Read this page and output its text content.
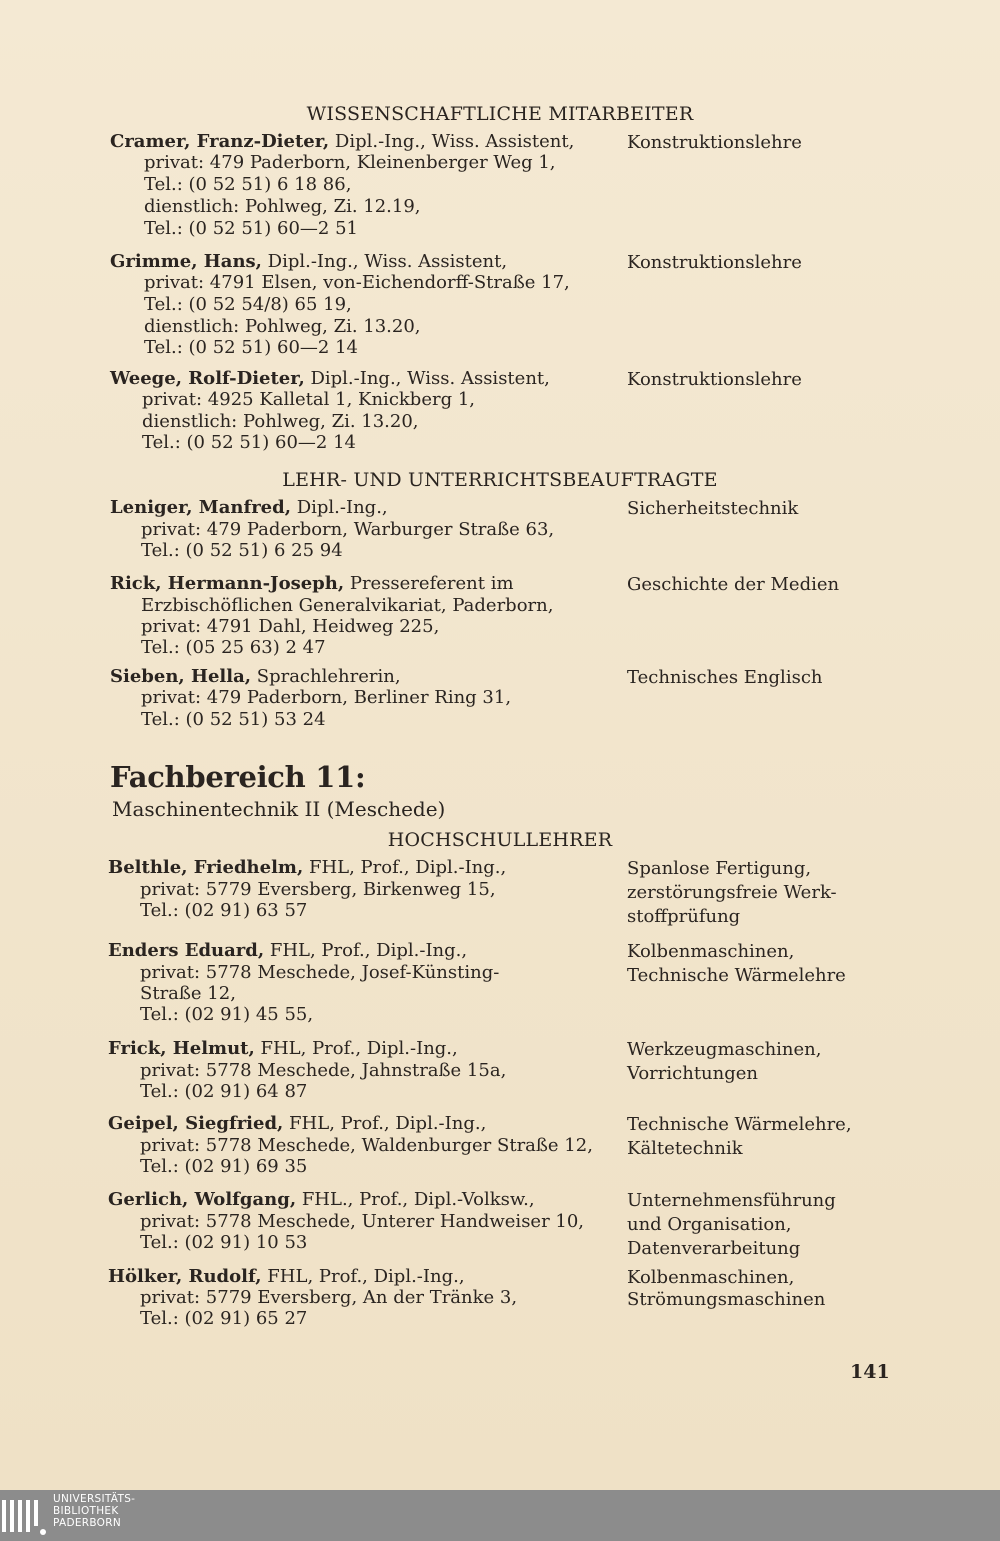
WISSENSCHAFTLICHE MITARBEITER
Cramer, Franz-Dieter, Dipl.-Ing., Wiss. Assistent,
privat: 479 Paderborn, Kleinenberger Weg 1,
Tel.: (0 52 51) 6 18 86,
dienstlich: Pohlweg, Zi. 12.19,
Tel.: (0 52 51) 60—2 51
Konstruktionslehre
Grimme, Hans, Dipl.-Ing., Wiss. Assistent,
privat: 4791 Elsen, von-Eichendorff-Straße 17,
Tel.: (0 52 54/8) 65 19,
dienstlich: Pohlweg, Zi. 13.20,
Tel.: (0 52 51) 60—2 14
Konstruktionslehre
Weege, Rolf-Dieter, Dipl.-Ing., Wiss. Assistent,
privat: 4925 Kalletal 1, Knickberg 1,
dienstlich: Pohlweg, Zi. 13.20,
Tel.: (0 52 51) 60—2 14
Konstruktionslehre
LEHR- UND UNTERRICHTSBEAUFTRAGTE
Leniger, Manfred, Dipl.-Ing.,
privat: 479 Paderborn, Warburger Straße 63,
Tel.: (0 52 51) 6 25 94
Sicherheitstechnik
Rick, Hermann-Joseph, Pressereferent im
Erzbischöflichen Generalvikariat, Paderborn,
privat: 4791 Dahl, Heidweg 225,
Tel.: (05 25 63) 2 47
Geschichte der Medien
Sieben, Hella, Sprachlehrerin,
privat: 479 Paderborn, Berliner Ring 31,
Tel.: (0 52 51) 53 24
Technisches Englisch
Fachbereich 11:
Maschinentechnik II (Meschede)
HOCHSCHULLEHRER
Belthle, Friedhelm, FHL, Prof., Dipl.-Ing.,
privat: 5779 Eversberg, Birkenweg 15,
Tel.: (02 91) 63 57
Spanlose Fertigung,
zerstörungsfreie Werk-
stoffprüfung
Enders Eduard, FHL, Prof., Dipl.-Ing.,
privat: 5778 Meschede, Josef-Künsting-
Straße 12,
Tel.: (02 91) 45 55,
Kolbenmaschinen,
Technische Wärmelehre
Frick, Helmut, FHL, Prof., Dipl.-Ing.,
privat: 5778 Meschede, Jahnstraße 15a,
Tel.: (02 91) 64 87
Werkzeugmaschinen,
Vorrichtungen
Geipel, Siegfried, FHL, Prof., Dipl.-Ing.,
privat: 5778 Meschede, Waldenburger Straße 12,
Tel.: (02 91) 69 35
Technische Wärmelehre,
Kältetechnik
Gerlich, Wolfgang, FHL., Prof., Dipl.-Volksw.,
privat: 5778 Meschede, Unterer Handweiser 10,
Tel.: (02 91) 10 53
Unternehmensführung
und Organisation,
Datenverarbeitung
Hölker, Rudolf, FHL, Prof., Dipl.-Ing.,
privat: 5779 Eversberg, An der Tränke 3,
Tel.: (02 91) 65 27
Kolbenmaschinen,
Strömungsmaschinen
141
UNIVERSITÄTS-
BIBLIOTHEK
PADERBORN
